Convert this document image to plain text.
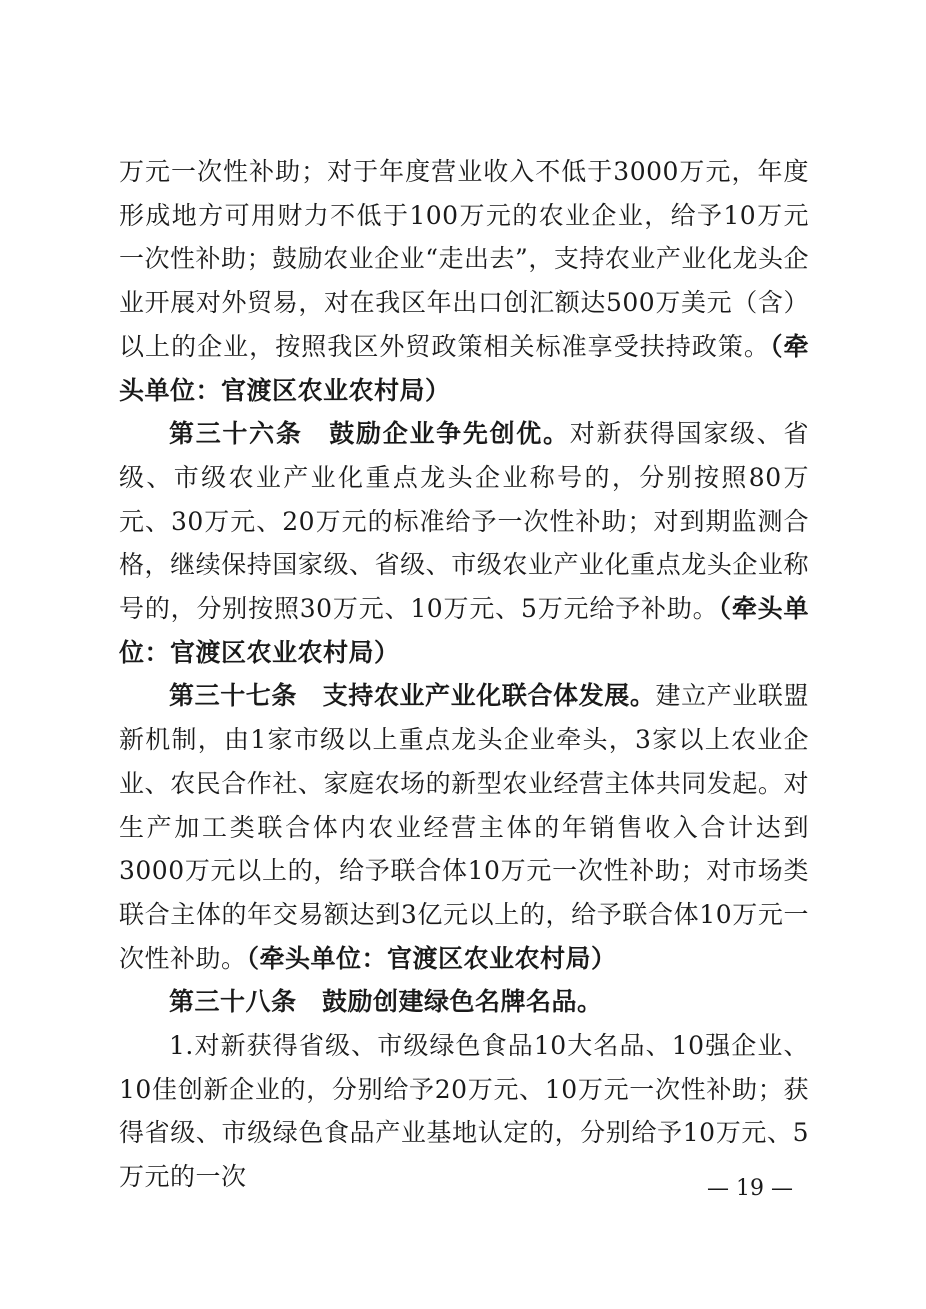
万元一次性补助；对于年度营业收入不低于3000万元，年度形成地方可用财力不低于100万元的农业企业，给予10万元一次性补助；鼓励农业企业“走出去”，支持农业产业化龙头企业开展对外贸易，对在我区年出口创汇额达500万美元（含）以上的企业，按照我区外贸政策相关标准享受扶持政策。（牵头单位：官渡区农业农村局）

第三十六条　鼓励企业争先创优。对新获得国家级、省级、市级农业产业化重点龙头企业称号的，分别按照80万元、30万元、20万元的标准给予一次性补助；对到期监测合格，继续保持国家级、省级、市级农业产业化重点龙头企业称号的，分别按照30万元、10万元、5万元给予补助。（牵头单位：官渡区农业农村局）

第三十七条　支持农业产业化联合体发展。建立产业联盟新机制，由1家市级以上重点龙头企业牵头，3家以上农业企业、农民合作社、家庭农场的新型农业经营主体共同发起。对生产加工类联合体内农业经营主体的年销售收入合计达到3000万元以上的，给予联合体10万元一次性补助；对市场类联合主体的年交易额达到3亿元以上的，给予联合体10万元一次性补助。（牵头单位：官渡区农业农村局）

第三十八条　鼓励创建绿色名牌名品。

1.对新获得省级、市级绿色食品10大名品、10强企业、10佳创新企业的，分别给予20万元、10万元一次性补助；获得省级、市级绿色食品产业基地认定的，分别给予10万元、5万元的一次	— 19 —
